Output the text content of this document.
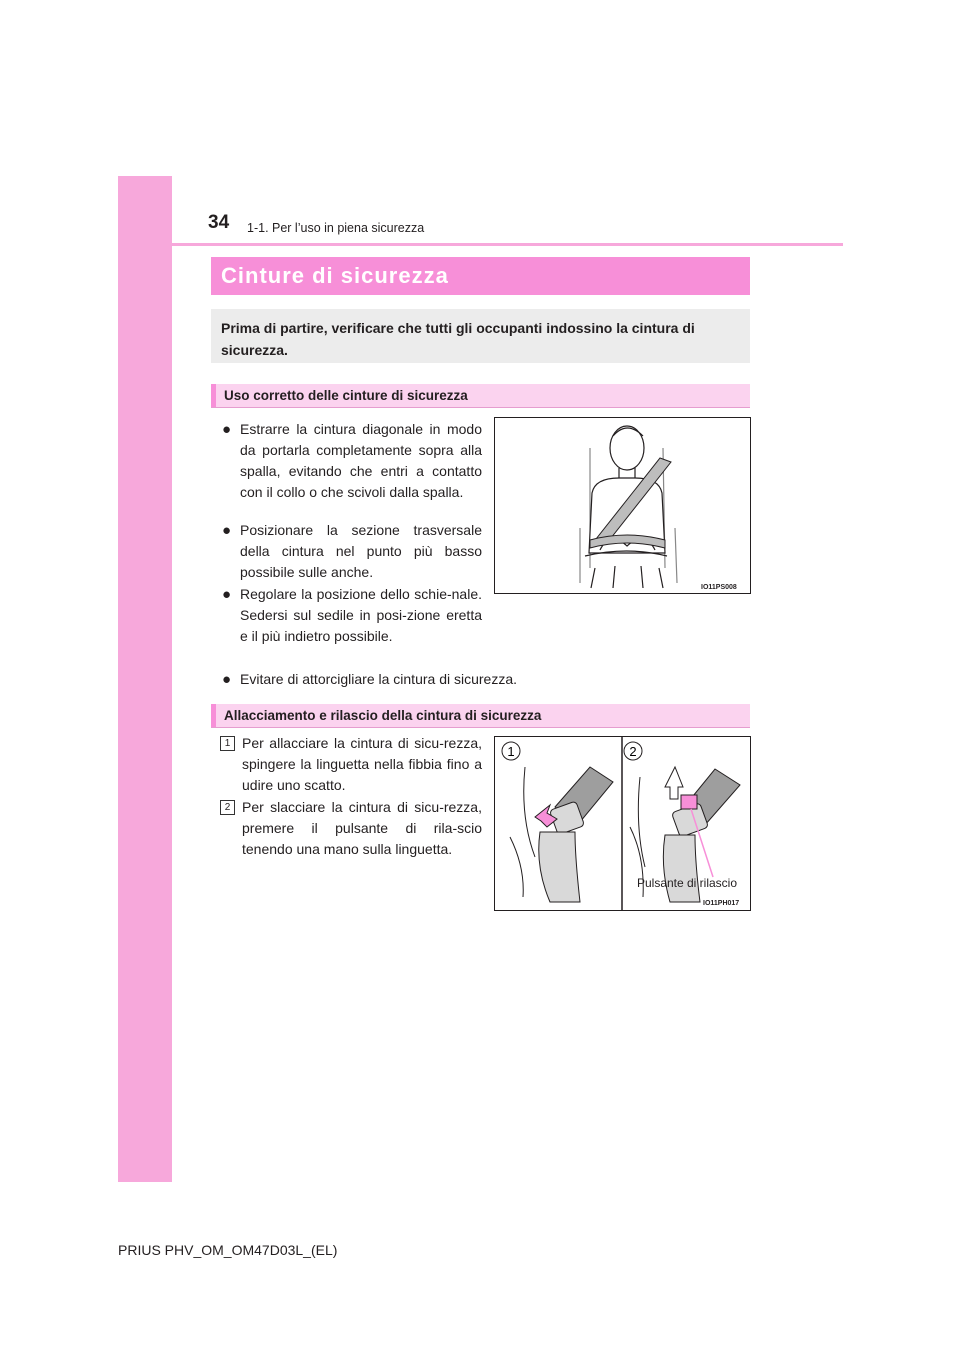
34 1-1. Per l’uso in piena sicurezza
Cinture di sicurezza
Prima di partire, verificare che tutti gli occupanti indossino la cintura di sicurezza.
Uso corretto delle cinture di sicurezza
● Estrarre la cintura diagonale in modo da portarla completamente sopra alla spalla, evitando che entri a contatto con il collo o che scivoli dalla spalla.
● Posizionare la sezione trasversale della cintura nel punto più basso possibile sulle anche.
● Regolare la posizione dello schie-nale. Sedersi sul sedile in posi-zione eretta e il più indietro possibile.
● Evitare di attorcigliare la cintura di sicurezza.
IO11PS008
Allacciamento e rilascio della cintura di sicurezza
1 Per allacciare la cintura di sicu-rezza, spingere la linguetta nella fibbia fino a udire uno scatto.
2 Per slacciare la cintura di sicu-rezza, premere il pulsante di rila-scio tenendo una mano sulla linguetta.
1	2
Pulsante di rilascio
IO11PH017
PRIUS PHV_OM_OM47D03L_(EL)
